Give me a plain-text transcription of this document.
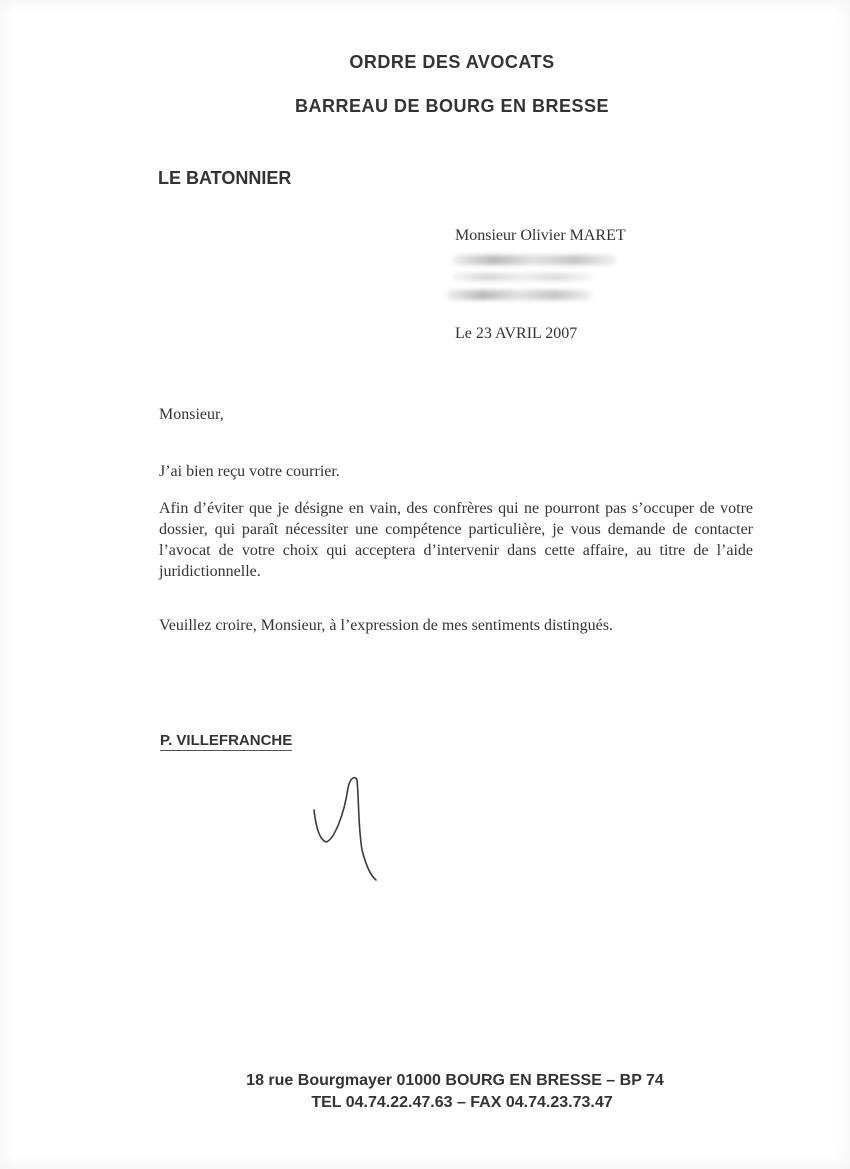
ORDRE DES AVOCATS
BARREAU DE BOURG EN BRESSE
LE BATONNIER
Monsieur Olivier MARET
Le 23 AVRIL 2007
Monsieur,
J’ai bien reçu votre courrier.
Afin d’éviter que je désigne en vain, des confrères qui ne pourront pas s’occuper de votre dossier, qui paraît nécessiter une compétence particulière, je vous demande de contacter l’avocat de votre choix qui acceptera d’intervenir dans cette affaire, au titre de l’aide juridictionnelle.
Veuillez croire, Monsieur, à l’expression de mes sentiments distingués.
P. VILLEFRANCHE
18 rue Bourgmayer 01000 BOURG EN BRESSE – BP 74
TEL 04.74.22.47.63 – FAX 04.74.23.73.47
